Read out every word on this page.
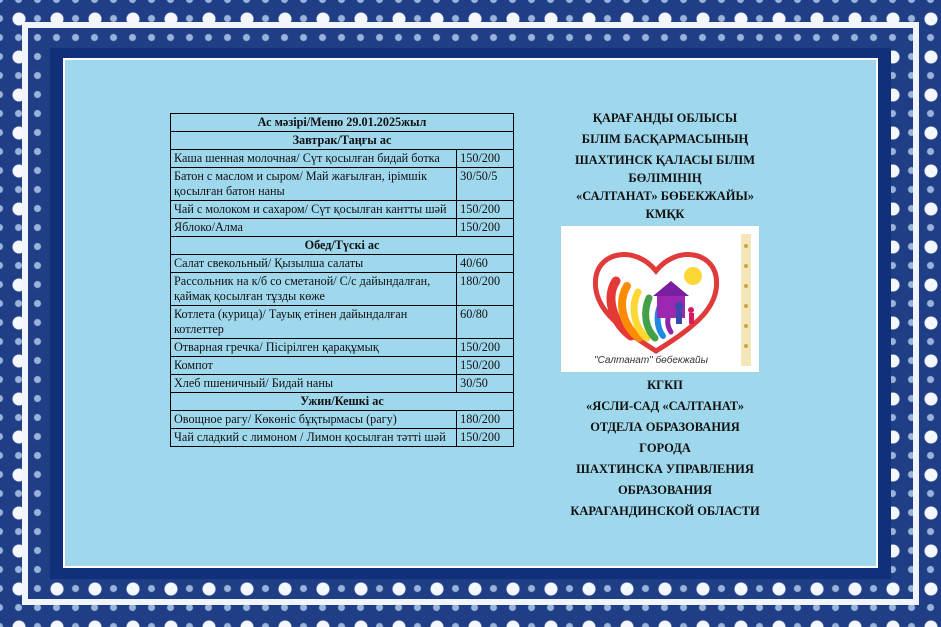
Ас мәзірі/Меню 29.01.2025жыл	
Завтрак/Таңғы ас	
Каша шенная молочная/ Сүт қосылған бидай ботка	150/200
Батон с маслом и сыром/ Май жағылған, ірімшік қосылған батон наны	30/50/5
Чай с молоком и сахаром/ Сүт қосылған кантты шәй	150/200
Яблоко/Алма	150/200
Обед/Түскі ас	
Салат свекольный/ Қызылша салаты	40/60
Рассольник на к/б со сметаной/ С/с дайындалған, қаймақ қосылған тұзды көже	180/200
Котлета (курица)/ Тауық етінен дайындалған котлеттер	60/80
Отварная гречка/ Пісірілген қарақұмық	150/200
Компот	150/200
Хлеб пшеничный/ Бидай наны	30/50
Ужин/Кешкі ас	
Овощное рагу/ Көкөніс бұқтырмасы (рагу)	180/200
Чай сладкий с лимоном / Лимон қосылған тәтті шәй	150/200
ҚАРАҒАНДЫ ОБЛЫСЫ
БІЛІМ БАСҚАРМАСЫНЫҢ
ШАХТИНСК ҚАЛАСЫ БІЛІМ
БӨЛІМІНІҢ
«САЛТАНАТ» БӨБЕКЖАЙЫ»
КМҚК
"Салтанат" бөбекжайы
КГКП
«ЯСЛИ-САД «САЛТАНАТ»
ОТДЕЛА ОБРАЗОВАНИЯ
ГОРОДА
ШАХТИНСКА УПРАВЛЕНИЯ
ОБРАЗОВАНИЯ
КАРАГАНДИНСКОЙ ОБЛАСТИ
